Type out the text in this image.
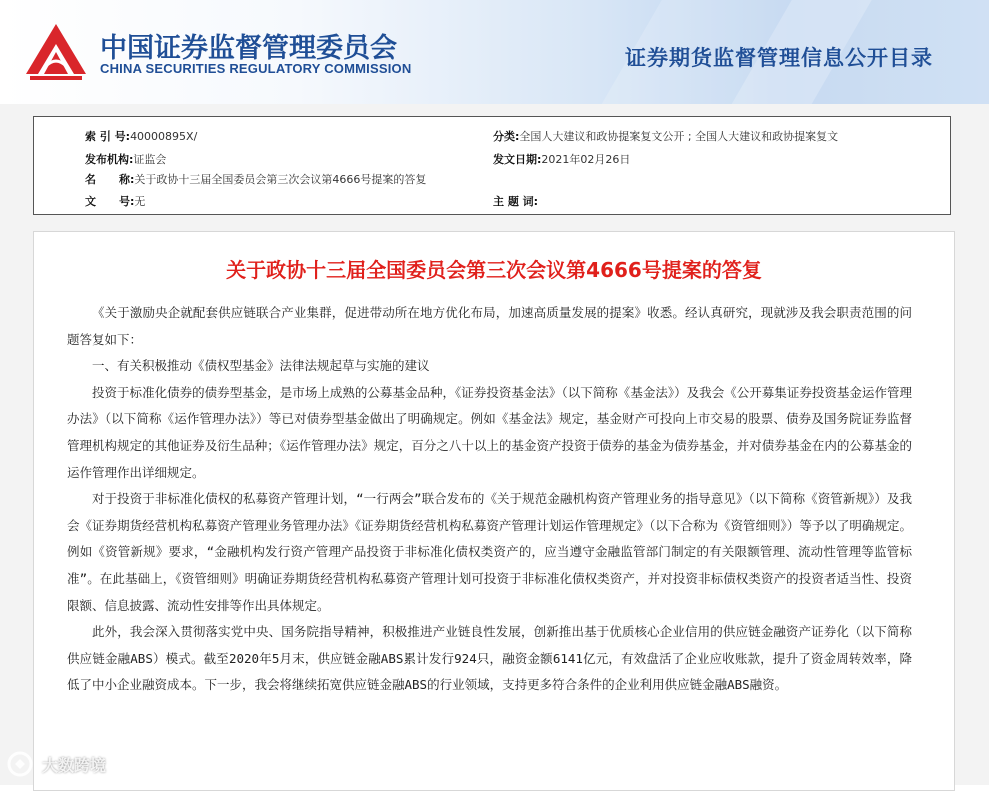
中国证券监督管理委员会
CHINA SECURITIES REGULATORY COMMISSION	证券期货监督管理信息公开目录
索 引 号:40000895X/	分类:全国人大建议和政协提案复文公开 ; 全国人大建议和政协提案复文
发布机构:证监会	发文日期:2021年02月26日
名 称:关于政协十三届全国委员会第三次会议第4666号提案的答复
文 号:无	主 题 词:
关于政协十三届全国委员会第三次会议第4666号提案的答复

《关于激励央企就配套供应链联合产业集群，促进带动所在地方优化布局，加速高质量发展的提案》收悉。经认真研究，现就涉及我会职责范围的问题答复如下：

一、有关积极推动《债权型基金》法律法规起草与实施的建议

投资于标准化债券的债券型基金，是市场上成熟的公募基金品种，《证券投资基金法》（以下简称《基金法》）及我会《公开募集证券投资基金运作管理办法》（以下简称《运作管理办法》）等已对债券型基金做出了明确规定。例如《基金法》规定，基金财产可投向上市交易的股票、债券及国务院证券监督管理机构规定的其他证券及衍生品种；《运作管理办法》规定，百分之八十以上的基金资产投资于债券的基金为债券基金，并对债券基金在内的公募基金的运作管理作出详细规定。

对于投资于非标准化债权的私募资产管理计划，“一行两会”联合发布的《关于规范金融机构资产管理业务的指导意见》（以下简称《资管新规》）及我会《证券期货经营机构私募资产管理业务管理办法》《证券期货经营机构私募资产管理计划运作管理规定》（以下合称为《资管细则》）等予以了明确规定。例如《资管新规》要求，“金融机构发行资产管理产品投资于非标准化债权类资产的，应当遵守金融监管部门制定的有关限额管理、流动性管理等监管标准”。在此基础上，《资管细则》明确证券期货经营机构私募资产管理计划可投资于非标准化债权类资产，并对投资非标债权类资产的投资者适当性、投资限额、信息披露、流动性安排等作出具体规定。

此外，我会深入贯彻落实党中央、国务院指导精神，积极推进产业链良性发展，创新推出基于优质核心企业信用的供应链金融资产证券化（以下简称供应链金融ABS）模式。截至2020年5月末，供应链金融ABS累计发行924只，融资金额6141亿元，有效盘活了企业应收账款，提升了资金周转效率，降低了中小企业融资成本。下一步，我会将继续拓宽供应链金融ABS的行业领域，支持更多符合条件的企业利用供应链金融ABS融资。

大数跨境
